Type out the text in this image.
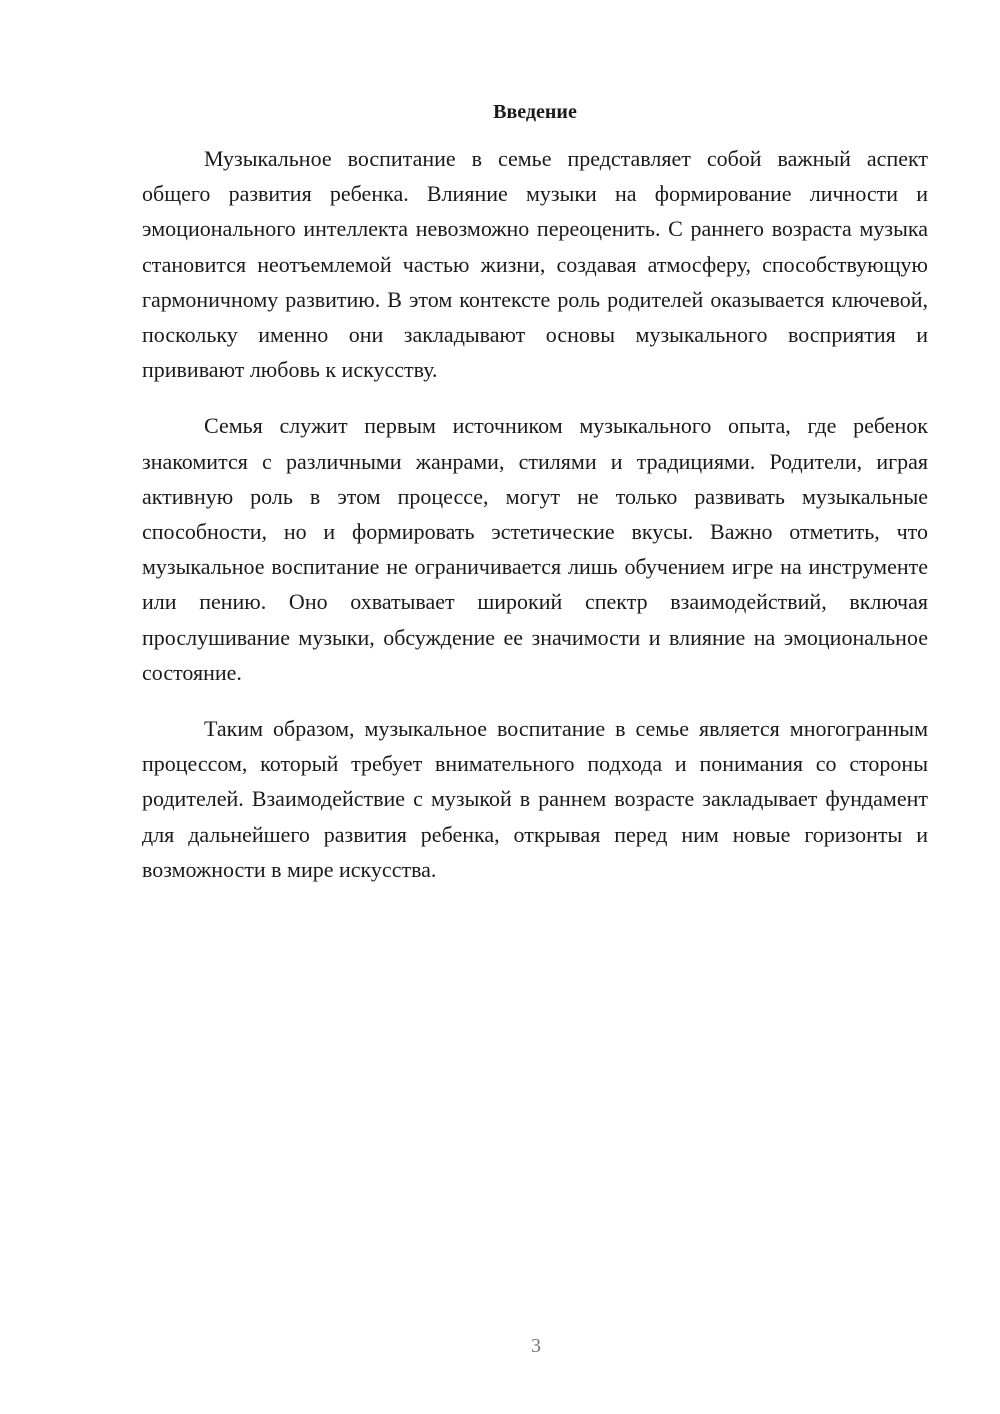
Введение

Музыкальное воспитание в семье представляет собой важный аспект общего развития ребенка. Влияние музыки на формирование личности и эмоционального интеллекта невозможно переоценить. С раннего возраста музыка становится неотъемлемой частью жизни, создавая атмосферу, способствующую гармоничному развитию. В этом контексте роль родителей оказывается ключевой, поскольку именно они закладывают основы музыкального восприятия и прививают любовь к искусству.

Семья служит первым источником музыкального опыта, где ребенок знакомится с различными жанрами, стилями и традициями. Родители, играя активную роль в этом процессе, могут не только развивать музыкальные способности, но и формировать эстетические вкусы. Важно отметить, что музыкальное воспитание не ограничивается лишь обучением игре на инструменте или пению. Оно охватывает широкий спектр взаимодействий, включая прослушивание музыки, обсуждение ее значимости и влияние на эмоциональное состояние.

Таким образом, музыкальное воспитание в семье является многогранным процессом, который требует внимательного подхода и понимания со стороны родителей. Взаимодействие с музыкой в раннем возрасте закладывает фундамент для дальнейшего развития ребенка, открывая перед ним новые горизонты и возможности в мире искусства.

3
